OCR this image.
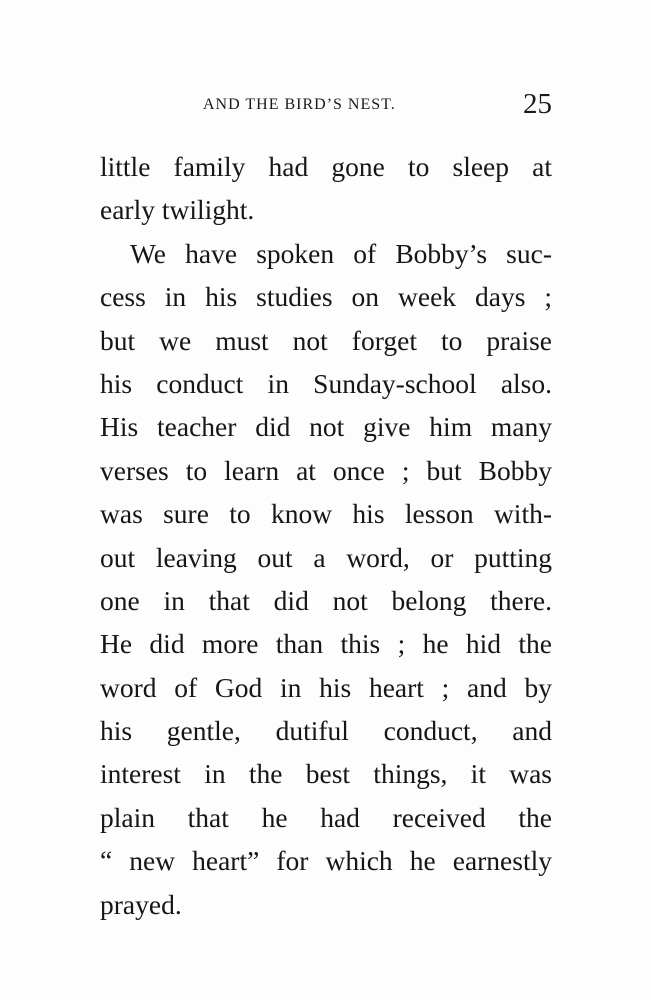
AND THE BIRD’S NEST.	25
little family had gone to sleep at
early twilight.
We have spoken of Bobby’s suc-
cess in his studies on week days ;
but we must not forget to praise
his conduct in Sunday-school also.
His teacher did not give him many
verses to learn at once ; but Bobby
was sure to know his lesson with-
out leaving out a word, or putting
one in that did not belong there.
He did more than this ; he hid the
word of God in his heart ; and by
his gentle, dutiful conduct, and
interest in the best things, it was
plain that he had received the
“ new heart” for which he earnestly
prayed.
